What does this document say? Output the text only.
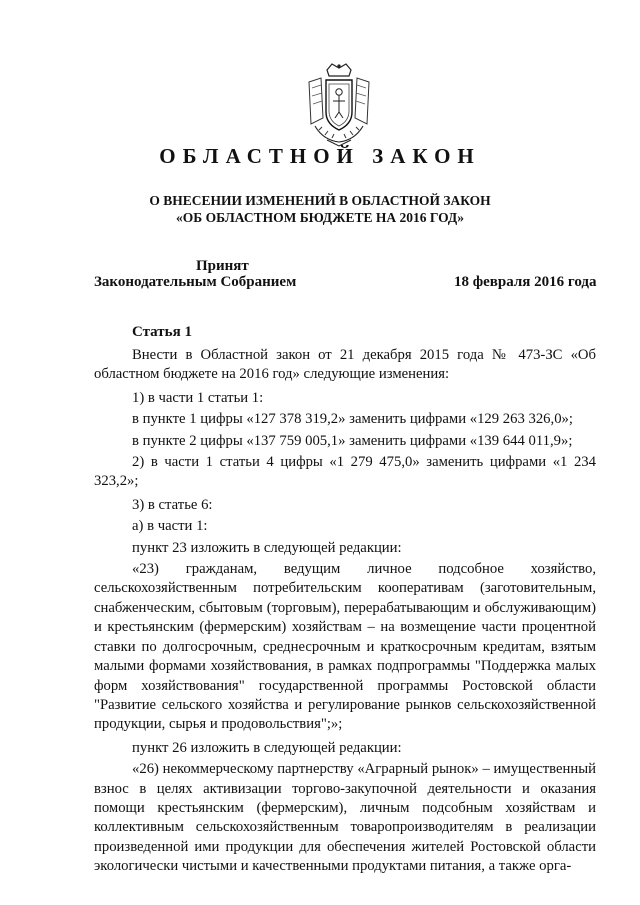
ОБЛАСТНОЙ ЗАКОН
О ВНЕСЕНИИ ИЗМЕНЕНИЙ В ОБЛАСТНОЙ ЗАКОН
«ОБ ОБЛАСТНОМ БЮДЖЕТЕ НА 2016 ГОД»
Принят
Законодательным Собранием	18 февраля 2016 года
Статья 1

Внести в Областной закон от 21 декабря 2015 года № 473-ЗС «Об областном бюджете на 2016 год» следующие изменения:

1) в части 1 статьи 1:

в пункте 1 цифры «127 378 319,2» заменить цифрами «129 263 326,0»;

в пункте 2 цифры «137 759 005,1» заменить цифрами «139 644 011,9»;

2) в части 1 статьи 4 цифры «1 279 475,0» заменить цифрами «1 234 323,2»;

3) в статье 6:

а) в части 1:

пункт 23 изложить в следующей редакции:

«23) гражданам, ведущим личное подсобное хозяйство, сельскохозяйственным потребительским кооперативам (заготовительным, снабженческим, сбытовым (торговым), перерабатывающим и обслуживающим) и крестьянским (фермерским) хозяйствам – на возмещение части процентной ставки по долгосрочным, среднесрочным и краткосрочным кредитам, взятым малыми формами хозяйствования, в рамках подпрограммы "Поддержка малых форм хозяйствования" государственной программы Ростовской области "Развитие сельского хозяйства и регулирование рынков сельскохозяйственной продукции, сырья и продовольствия";»;

пункт 26 изложить в следующей редакции:

«26) некоммерческому партнерству «Аграрный рынок» – имущественный взнос в целях активизации торгово-закупочной деятельности и оказания помощи крестьянским (фермерским), личным подсобным хозяйствам и коллективным сельскохозяйственным товаропроизводителям в реализации произведенной ими продукции для обеспечения жителей Ростовской области экологически чистыми и качественными продуктами питания, а также орга-
